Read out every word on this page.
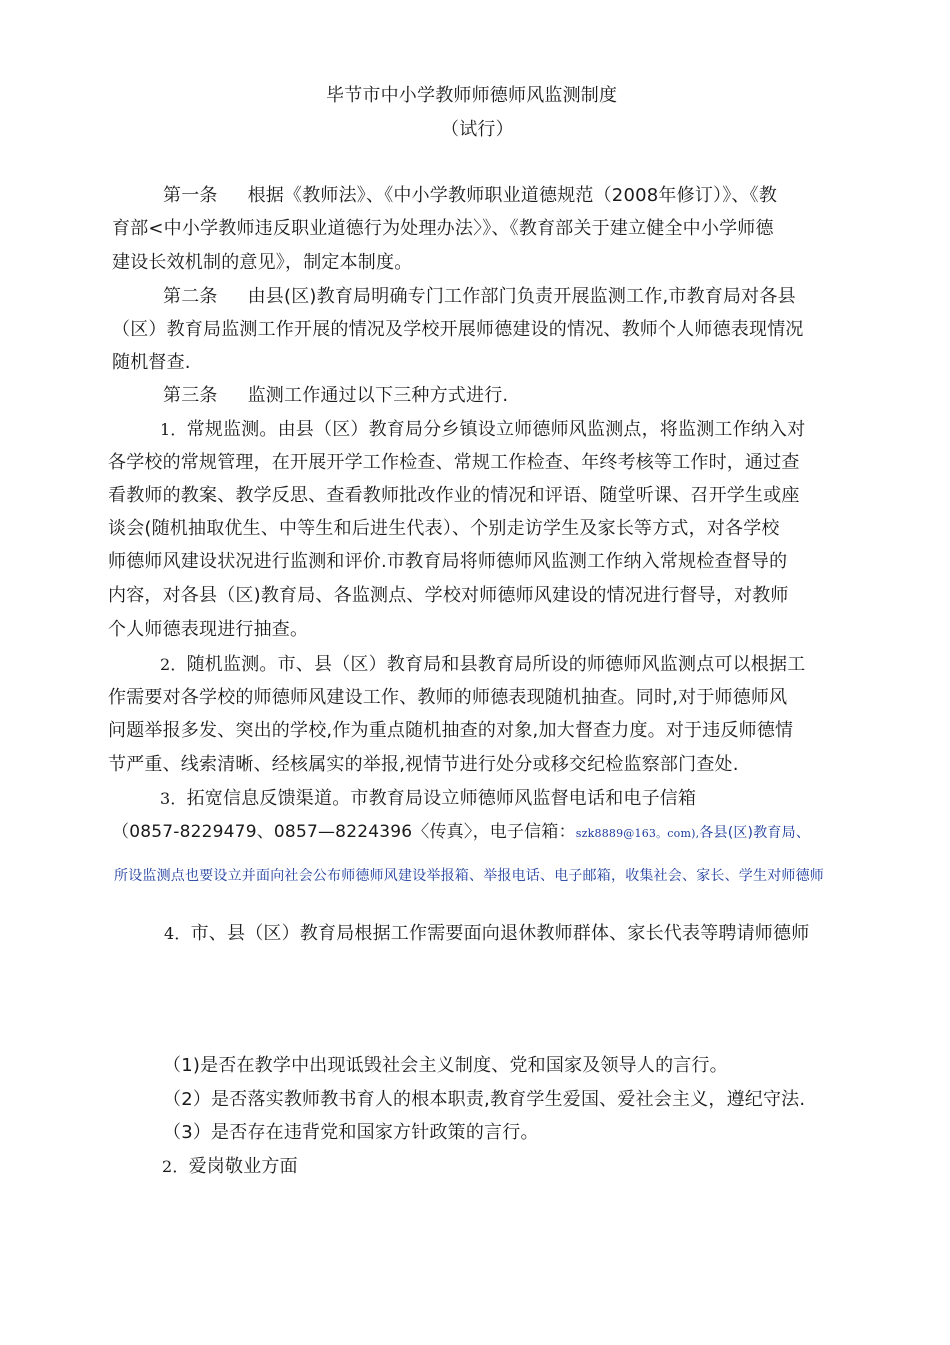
毕节市中小学教师师德师风监测制度

（试行）

第一条 根据《教师法》、《中小学教师职业道德规范（2008年修订）》、《教

育部<中小学教师违反职业道德行为处理办法〉》、《教育部关于建立健全中小学师德

建设长效机制的意见》，制定本制度。

第二条 由县(区)教育局明确专门工作部门负责开展监测工作,市教育局对各县

（区）教育局监测工作开展的情况及学校开展师德建设的情况、教师个人师德表现情况

随机督查.

第三条 监测工作通过以下三种方式进行.

1．常规监测。由县（区）教育局分乡镇设立师德师风监测点，将监测工作纳入对

各学校的常规管理，在开展开学工作检查、常规工作检查、年终考核等工作时，通过查

看教师的教案、教学反思、查看教师批改作业的情况和评语、随堂听课、召开学生或座

谈会(随机抽取优生、中等生和后进生代表）、个别走访学生及家长等方式，对各学校

师德师风建设状况进行监测和评价.市教育局将师德师风监测工作纳入常规检查督导的

内容，对各县（区)教育局、各监测点、学校对师德师风建设的情况进行督导，对教师

个人师德表现进行抽查。

2．随机监测。市、县（区）教育局和县教育局所设的师德师风监测点可以根据工

作需要对各学校的师德师风建设工作、教师的师德表现随机抽查。同时,对于师德师风

问题举报多发、突出的学校,作为重点随机抽查的对象,加大督查力度。对于违反师德情

节严重、线索清晰、经核属实的举报,视情节进行处分或移交纪检监察部门查处.

3．拓宽信息反馈渠道。市教育局设立师德师风监督电话和电子信箱

（0857-8229479、0857—8224396〈传真〉，电子信箱：szk8889@163。com),各县(区)教育局、

所设监测点也要设立并面向社会公布师德师风建设举报箱、举报电话、电子邮箱，收集社会、家长、学生对师德师

4．市、县（区）教育局根据工作需要面向退休教师群体、家长代表等聘请师德师

（1)是否在教学中出现诋毁社会主义制度、党和国家及领导人的言行。

（2）是否落实教师教书育人的根本职责,教育学生爱国、爱社会主义，遵纪守法.

（3）是否存在违背党和国家方针政策的言行。

2．爱岗敬业方面
